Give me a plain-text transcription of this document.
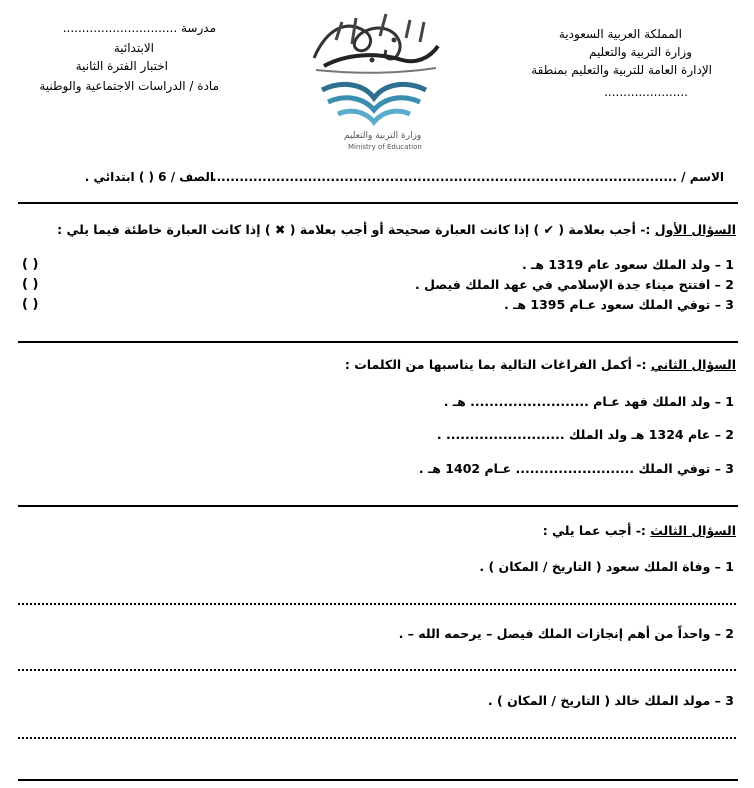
المملكة العربية السعودية
وزارة التربية والتعليم
الإدارة العامة للتربية والتعليم بمنطقة
......................
مدرسة ..............................
الابتدائية
اختبار الفترة الثانية
مادة / الدراسات الاجتماعية والوطنية
وزارة التربية والتعليم
Ministry of Education
الاسم / ......................................................................................................
الصف / 6 ( ) ابتدائي .
السؤال الأول :- أجب بعلامة ( ✔ ) إذا كانت العبارة صحيحة أو أجب بعلامة ( ✖ ) إذا كانت العبارة خاطئة فيما يلي :
1 – ولد الملك سعود عام 1319 هـ .
2 – افتتح ميناء جدة الإسلامي في عهد الملك فيصل .
3 – توفي الملك سعود عـام 1395 هـ .
( )
( )
( )
السؤال الثاني :- أكمل الفراغات التالية بما يناسبها من الكلمات :
1 – ولد الملك فهد عـام ......................... هـ .
2 – عام 1324 هـ ولد الملك ......................... .
3 – توفي الملك ......................... عـام 1402 هـ .
السؤال الثالث :- أجب عما يلي :
1 – وفاة الملك سعود ( التاريخ / المكان ) .
2 – واحداً من أهم إنجازات الملك فيصل – يرحمه الله – .
3 – مولد الملك خالد ( التاريخ / المكان ) .
